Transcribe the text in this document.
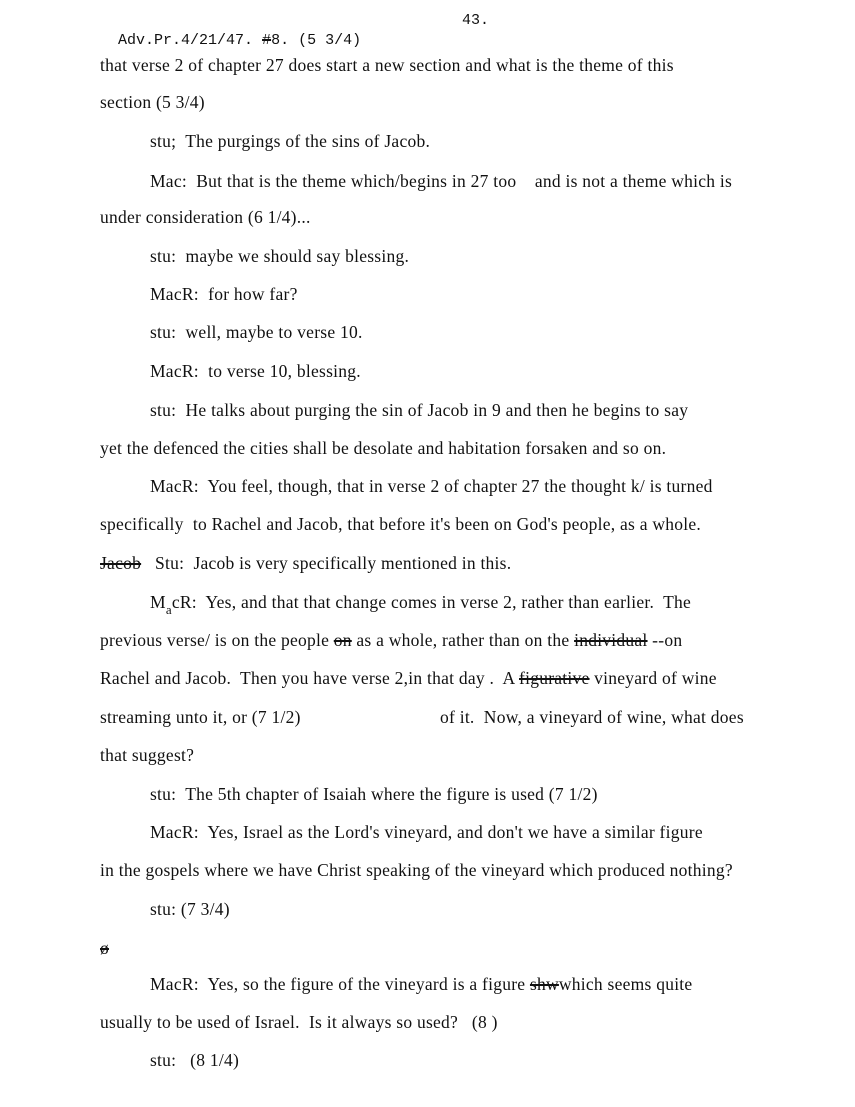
Adv.Pr.4/21/47. #8. (5 3/4)

43.
that verse 2 of chapter 27 does start a new section and what is the theme of this
section (5 3/4)
stu;  The purgings of the sins of Jacob.
Mac:  But that is the theme which/begins in 27 too    and is not a theme which is
under consideration (6 1/4)...
stu:  maybe we should say blessing.
MacR:  for how far?
stu:  well, maybe to verse 10.
MacR:  to verse 10, blessing.
stu:  He talks about purging the sin of Jacob in 9 and then he begins to say
yet the defenced the cities shall be desolate and habitation forsaken and so on.
MacR:  You feel, though, that in verse 2 of chapter 27 the thought k/ is turned
specifically  to Rachel and Jacob, that before it's been on God's people, as a whole.
Jacob   Stu:  Jacob is very specifically mentioned in this.
$M_acR$:  Yes, and that that change comes in verse 2, rather than earlier.  The
previous verse/ is on the people on as a whole, rather than on the individual --on
Rachel and Jacob.  Then you have verse 2,in that day .  A figurative vineyard of wine
streaming unto it, or (7 1/2)	of it.  Now, a vineyard of wine, what does
that suggest?
stu:  The 5th chapter of Isaiah where the figure is used (7 1/2)
MacR:  Yes, Israel as the Lord's vineyard, and don't we have a similar figure
in the gospels where we have Christ speaking of the vineyard which produced nothing?
stu: (7 3/4)
ø
MacR:  Yes, so the figure of the vineyard is a figure shwwhich seems quite
usually to be used of Israel.  Is it always so used?   (8 )
stu:   (8 1/4)
